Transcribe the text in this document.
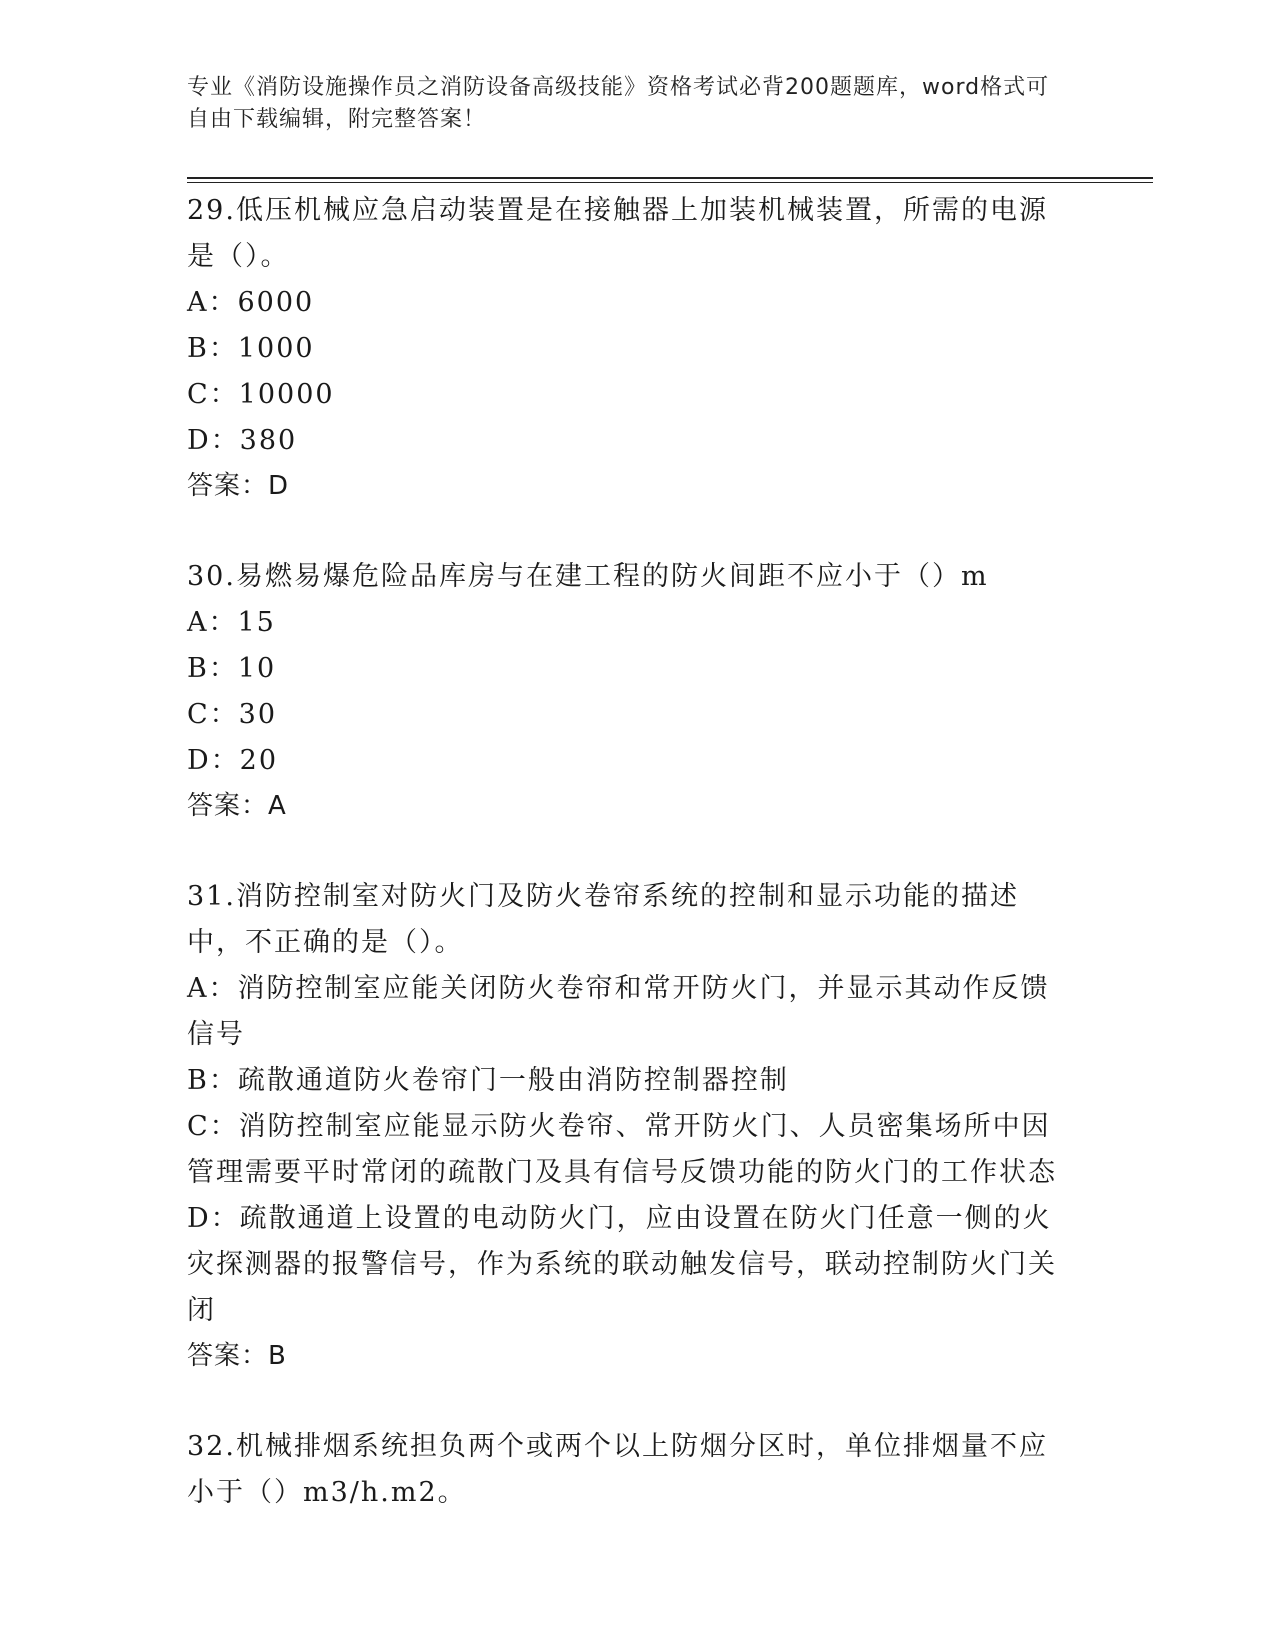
专业《消防设施操作员之消防设备高级技能》资格考试必背200题题库，word格式可自由下载编辑，附完整答案！

29.低压机械应急启动装置是在接触器上加装机械装置，所需的电源是（）。

A：6000

B：1000

C：10000

D：380

答案：D

30.易燃易爆危险品库房与在建工程的防火间距不应小于（）m

A：15

B：10

C：30

D：20

答案：A

31.消防控制室对防火门及防火卷帘系统的控制和显示功能的描述中，不正确的是（）。

A：消防控制室应能关闭防火卷帘和常开防火门，并显示其动作反馈信号

B：疏散通道防火卷帘门一般由消防控制器控制

C：消防控制室应能显示防火卷帘、常开防火门、人员密集场所中因管理需要平时常闭的疏散门及具有信号反馈功能的防火门的工作状态

D：疏散通道上设置的电动防火门，应由设置在防火门任意一侧的火灾探测器的报警信号，作为系统的联动触发信号，联动控制防火门关闭

答案：B

32.机械排烟系统担负两个或两个以上防烟分区时，单位排烟量不应小于（）m3/h.m2。
